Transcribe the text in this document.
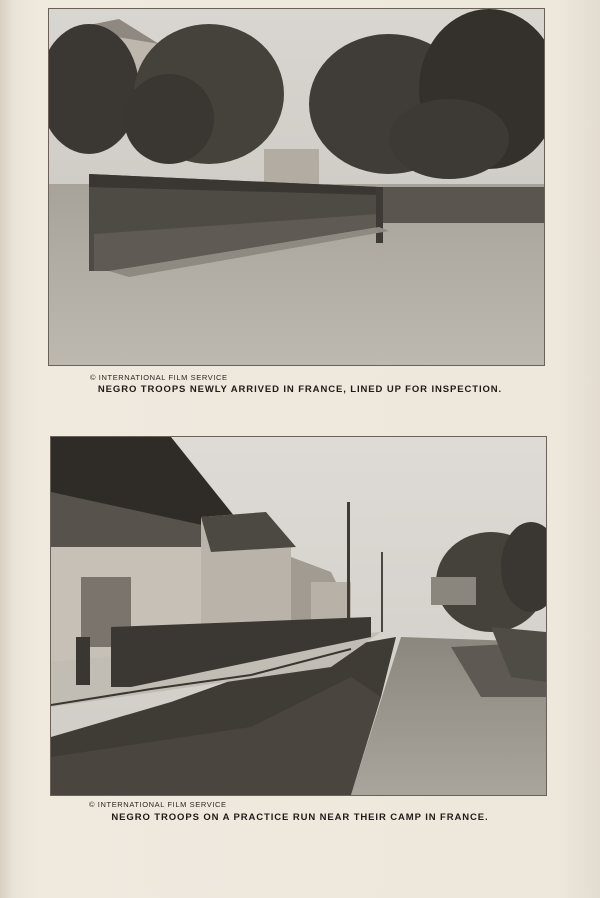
© INTERNATIONAL FILM SERVICE
NEGRO TROOPS NEWLY ARRIVED IN FRANCE, LINED UP FOR INSPECTION.
© INTERNATIONAL FILM SERVICE
NEGRO TROOPS ON A PRACTICE RUN NEAR THEIR CAMP IN FRANCE.
